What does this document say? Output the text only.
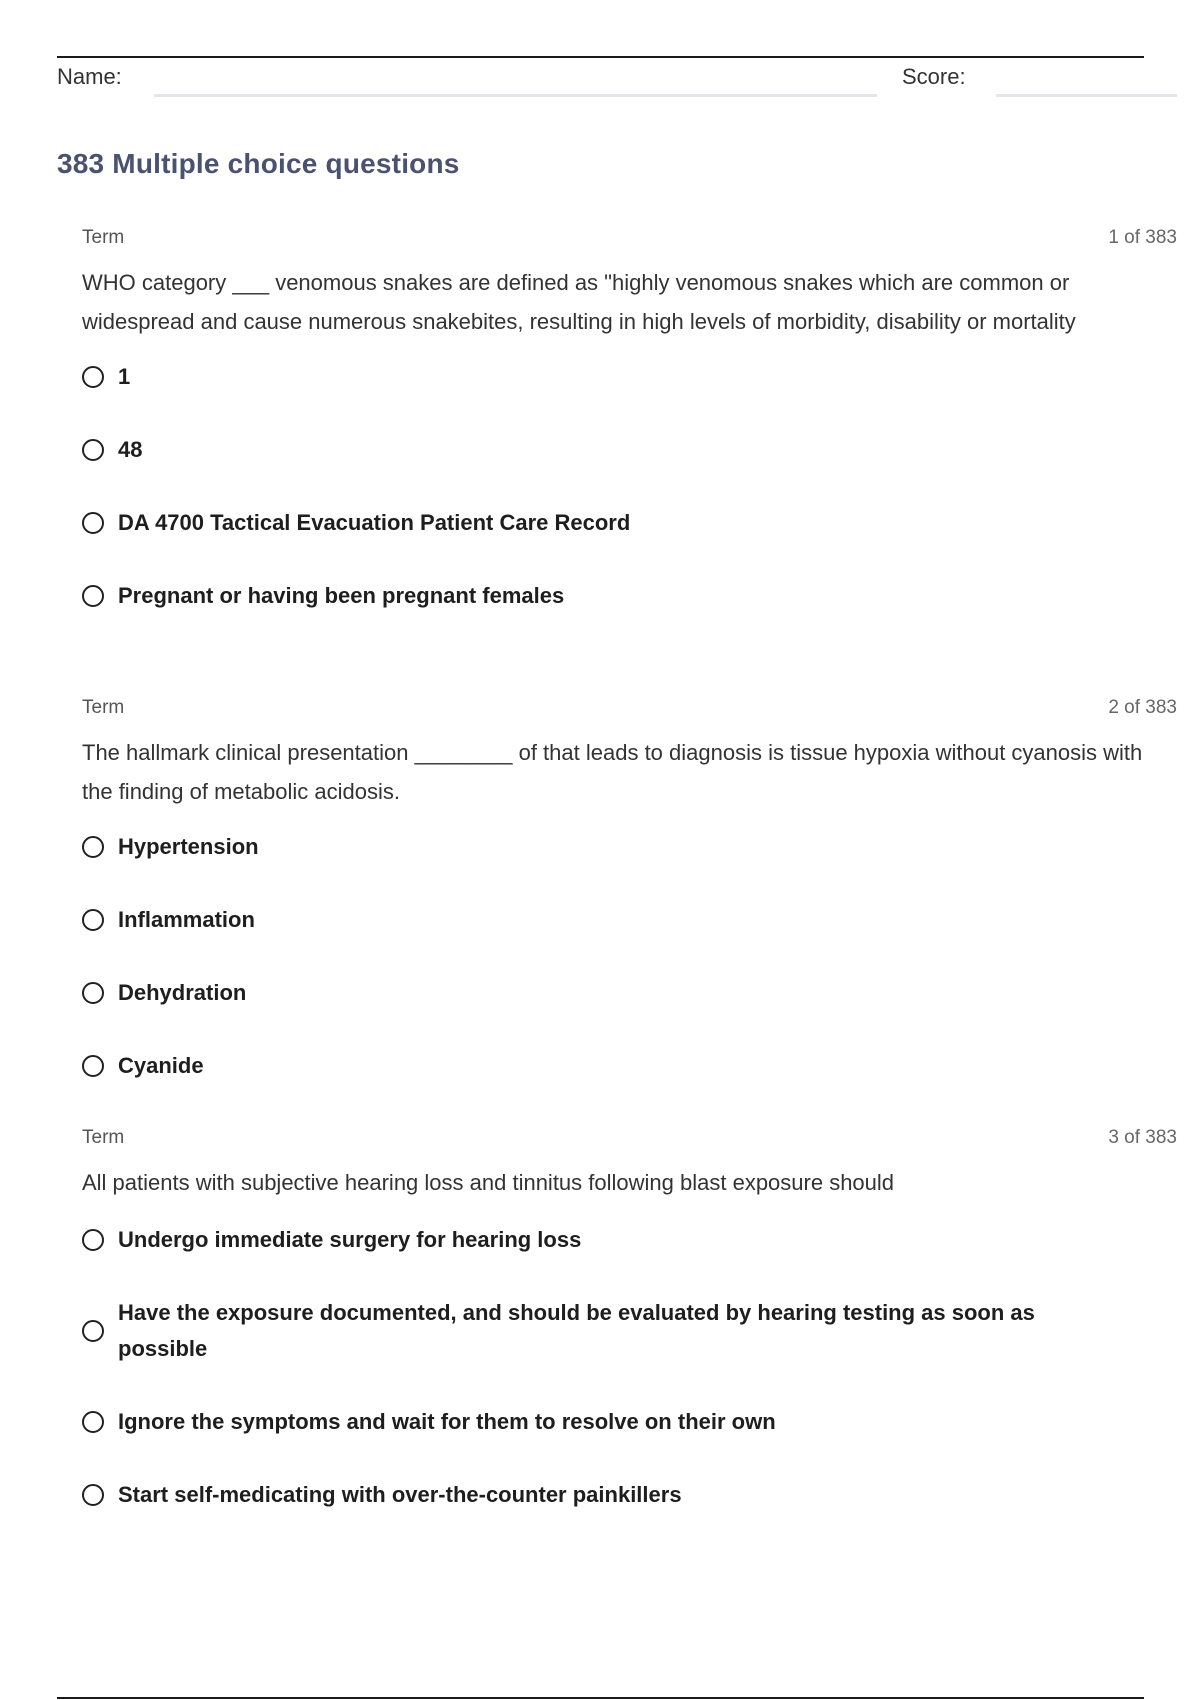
Name:	Score:
383 Multiple choice questions
Term	1 of 383

WHO category ___ venomous snakes are defined as "highly venomous snakes which are common or widespread and cause numerous snakebites, resulting in high levels of morbidity, disability or mortality

1
48
DA 4700 Tactical Evacuation Patient Care Record
Pregnant or having been pregnant females
Term	2 of 383

The hallmark clinical presentation ________ of that leads to diagnosis is tissue hypoxia without cyanosis with the finding of metabolic acidosis.

Hypertension
Inflammation
Dehydration
Cyanide
Term	3 of 383

All patients with subjective hearing loss and tinnitus following blast exposure should

Undergo immediate surgery for hearing loss
Have the exposure documented, and should be evaluated by hearing testing as soon as possible
Ignore the symptoms and wait for them to resolve on their own
Start self-medicating with over-the-counter painkillers
